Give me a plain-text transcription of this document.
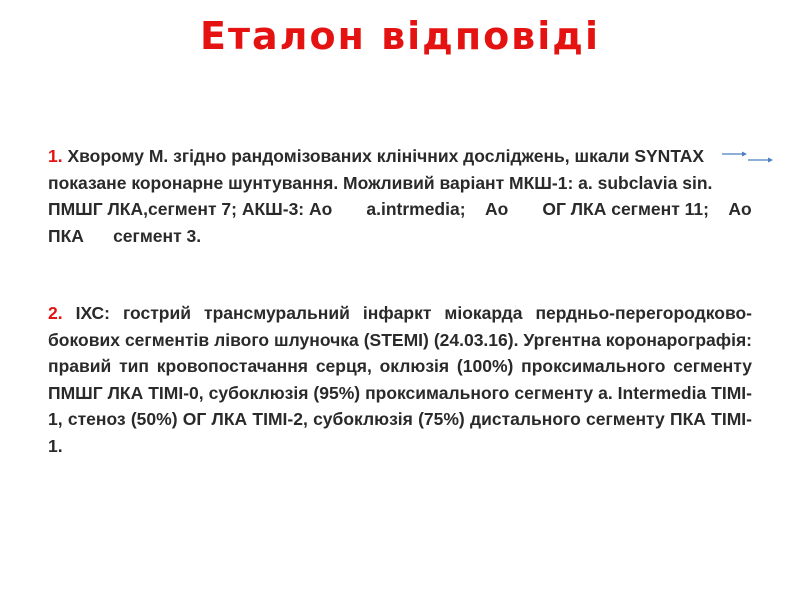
Еталон відповіді
1. Хворому М. згідно рандомізованих клінічних досліджень, шкали SYNTAX показане коронарне шунтування. Можливий варіант МКШ-1: а. subclavia sin.      ПМШГ ЛКА,сегмент 7; АКШ-3: Ао       a.intrmedia;    Ао       ОГ ЛКА сегмент 11;    Ао       ПКА      сегмент 3.
2. ІХС: гострий трансмуральний інфаркт міокарда пердньо-перегородково-бокових сегментів лівого шлуночка (STEMI) (24.03.16). Ургентна коронарографія: правий тип кровопостачання серця, оклюзія (100%) проксимального сегменту ПМШГ ЛКА TIMI-0, субоклюзія (95%) проксимального сегменту a. Intermedia TIMI-1, стеноз (50%) ОГ ЛКА TIMI-2, субоклюзія (75%) дистального сегменту ПКА TIMI-1.
